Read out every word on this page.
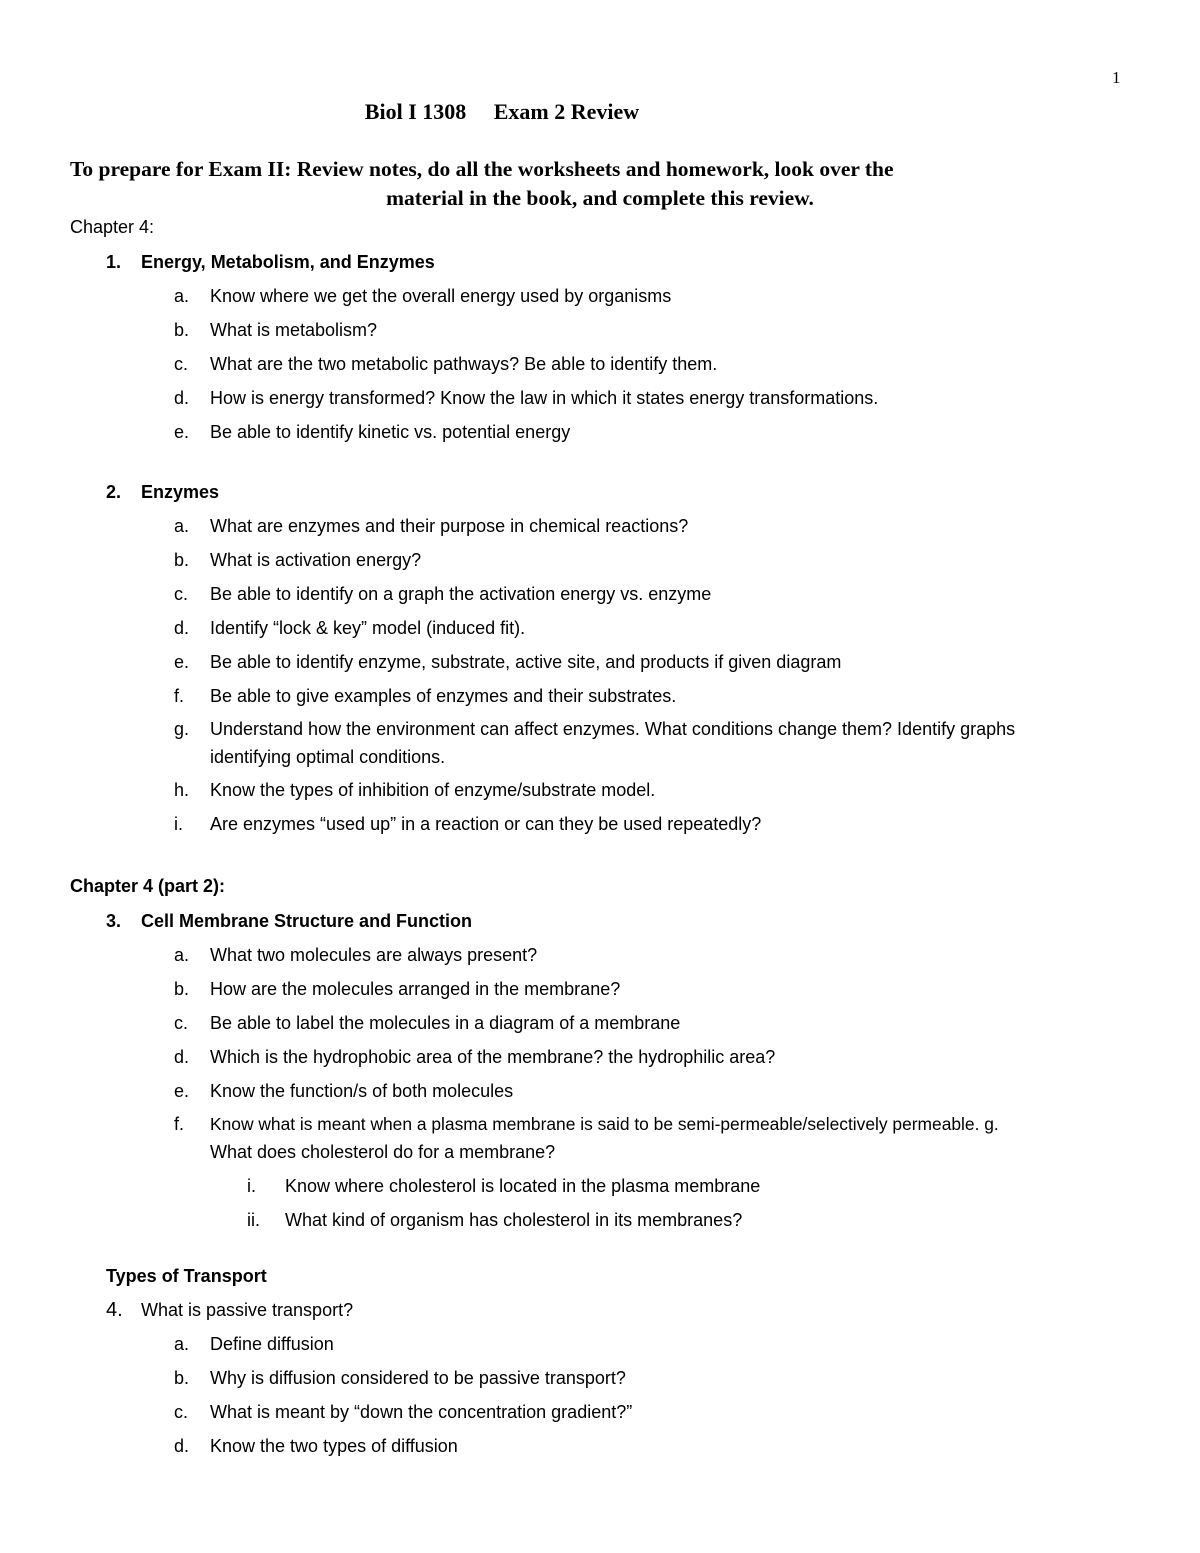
1
Biol I 1308     Exam 2 Review
To prepare for Exam II: Review notes, do all the worksheets and homework, look over the
material in the book, and complete this review.
Chapter 4:
1. Energy, Metabolism, and Enzymes
a. Know where we get the overall energy used by organisms
b. What is metabolism?
c. What are the two metabolic pathways? Be able to identify them.
d. How is energy transformed? Know the law in which it states energy transformations.
e. Be able to identify kinetic vs. potential energy
2. Enzymes
a. What are enzymes and their purpose in chemical reactions?
b. What is activation energy?
c. Be able to identify on a graph the activation energy vs. enzyme
d. Identify “lock & key” model (induced fit).
e. Be able to identify enzyme, substrate, active site, and products if given diagram
f. Be able to give examples of enzymes and their substrates.
g. Understand how the environment can affect enzymes. What conditions change them? Identify graphs
identifying optimal conditions.
h. Know the types of inhibition of enzyme/substrate model.
i. Are enzymes “used up” in a reaction or can they be used repeatedly?
Chapter 4 (part 2):
3. Cell Membrane Structure and Function
a. What two molecules are always present?
b. How are the molecules arranged in the membrane?
c. Be able to label the molecules in a diagram of a membrane
d. Which is the hydrophobic area of the membrane? the hydrophilic area?
e. Know the function/s of both molecules
f. Know what is meant when a plasma membrane is said to be semi-permeable/selectively permeable. g.
What does cholesterol do for a membrane?
i. Know where cholesterol is located in the plasma membrane
ii. What kind of organism has cholesterol in its membranes?
Types of Transport
4. What is passive transport?
a. Define diffusion
b. Why is diffusion considered to be passive transport?
c. What is meant by “down the concentration gradient?”
d. Know the two types of diffusion
